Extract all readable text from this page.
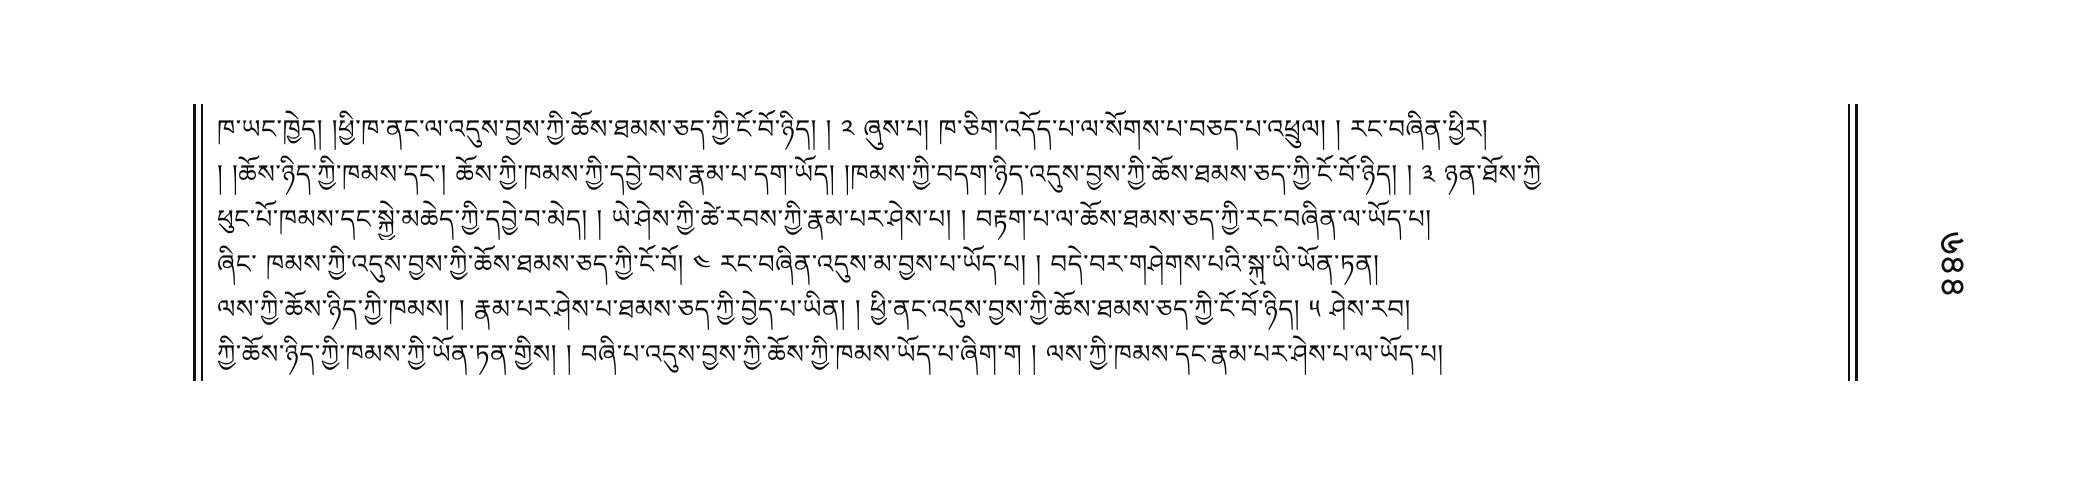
ཁ་ཡང་ཁྱེད། །ཕྱི་ཁ་ནང་ལ་འདུས་བྱས་ཀྱི་ཆོས་ཐམས་ཅད་ཀྱི་ངོ་བོ་ཉིད། ། ༢ ཞུས་པ། ཁ་ཅིག་འདོད་པ་ལ་སོགས་པ་བཅད་པ་འཕྲུལ། ། རང་བཞིན་ཕྱིར།
། །ཆོས་ཉིད་ཀྱི་ཁམས་དང་། ཆོས་ཀྱི་ཁམས་ཀྱི་དབྱེ་བས་རྣམ་པ་དག་ཡོད། །ཁམས་ཀྱི་བདག་ཉིད་འདུས་བྱས་ཀྱི་ཆོས་ཐམས་ཅད་ཀྱི་ངོ་བོ་ཉིད། ། ༣ ཉན་ཐོས་ཀྱི
ཕུང་པོ་ཁམས་དང་སྐྱེ་མཆེད་ཀྱི་དབྱེ་བ་མེད། ། ཡེ་ཤེས་ཀྱི་ཚེ་རབས་ཀྱི་རྣམ་པར་ཤེས་པ། ། བརྟག་པ་ལ་ཆོས་ཐམས་ཅད་ཀྱི་རང་བཞིན་ལ་ཡོད་པ།
ཞིང་ ཁམས་ཀྱི་འདུས་བྱས་ཀྱི་ཆོས་ཐམས་ཅད་ཀྱི་ངོ་བོ། ༤ རང་བཞིན་འདུས་མ་བྱས་པ་ཡོད་པ། ། བདེ་བར་གཤེགས་པའི་སྐུ་ཡི་ཡོན་ཏན།
ལས་ཀྱི་ཆོས་ཉིད་ཀྱི་ཁམས། ། རྣམ་པར་ཤེས་པ་ཐམས་ཅད་ཀྱི་བྱེད་པ་ཡིན། ། ཕྱི་ནང་འདུས་བྱས་ཀྱི་ཆོས་ཐམས་ཅད་ཀྱི་ངོ་བོ་ཉིད། ༥ ཤེས་རབ།
ཀྱི་ཆོས་ཉིད་ཀྱི་ཁམས་ཀྱི་ཡོན་ཏན་གྱིས། ། བཞི་པ་འདུས་བྱས་ཀྱི་ཆོས་ཀྱི་ཁམས་ཡོད་པ་ཞིག་ག ། ལས་ཀྱི་ཁམས་དང་རྣམ་པར་ཤེས་པ་ལ་ཡོད་པ།
৬৪৪
